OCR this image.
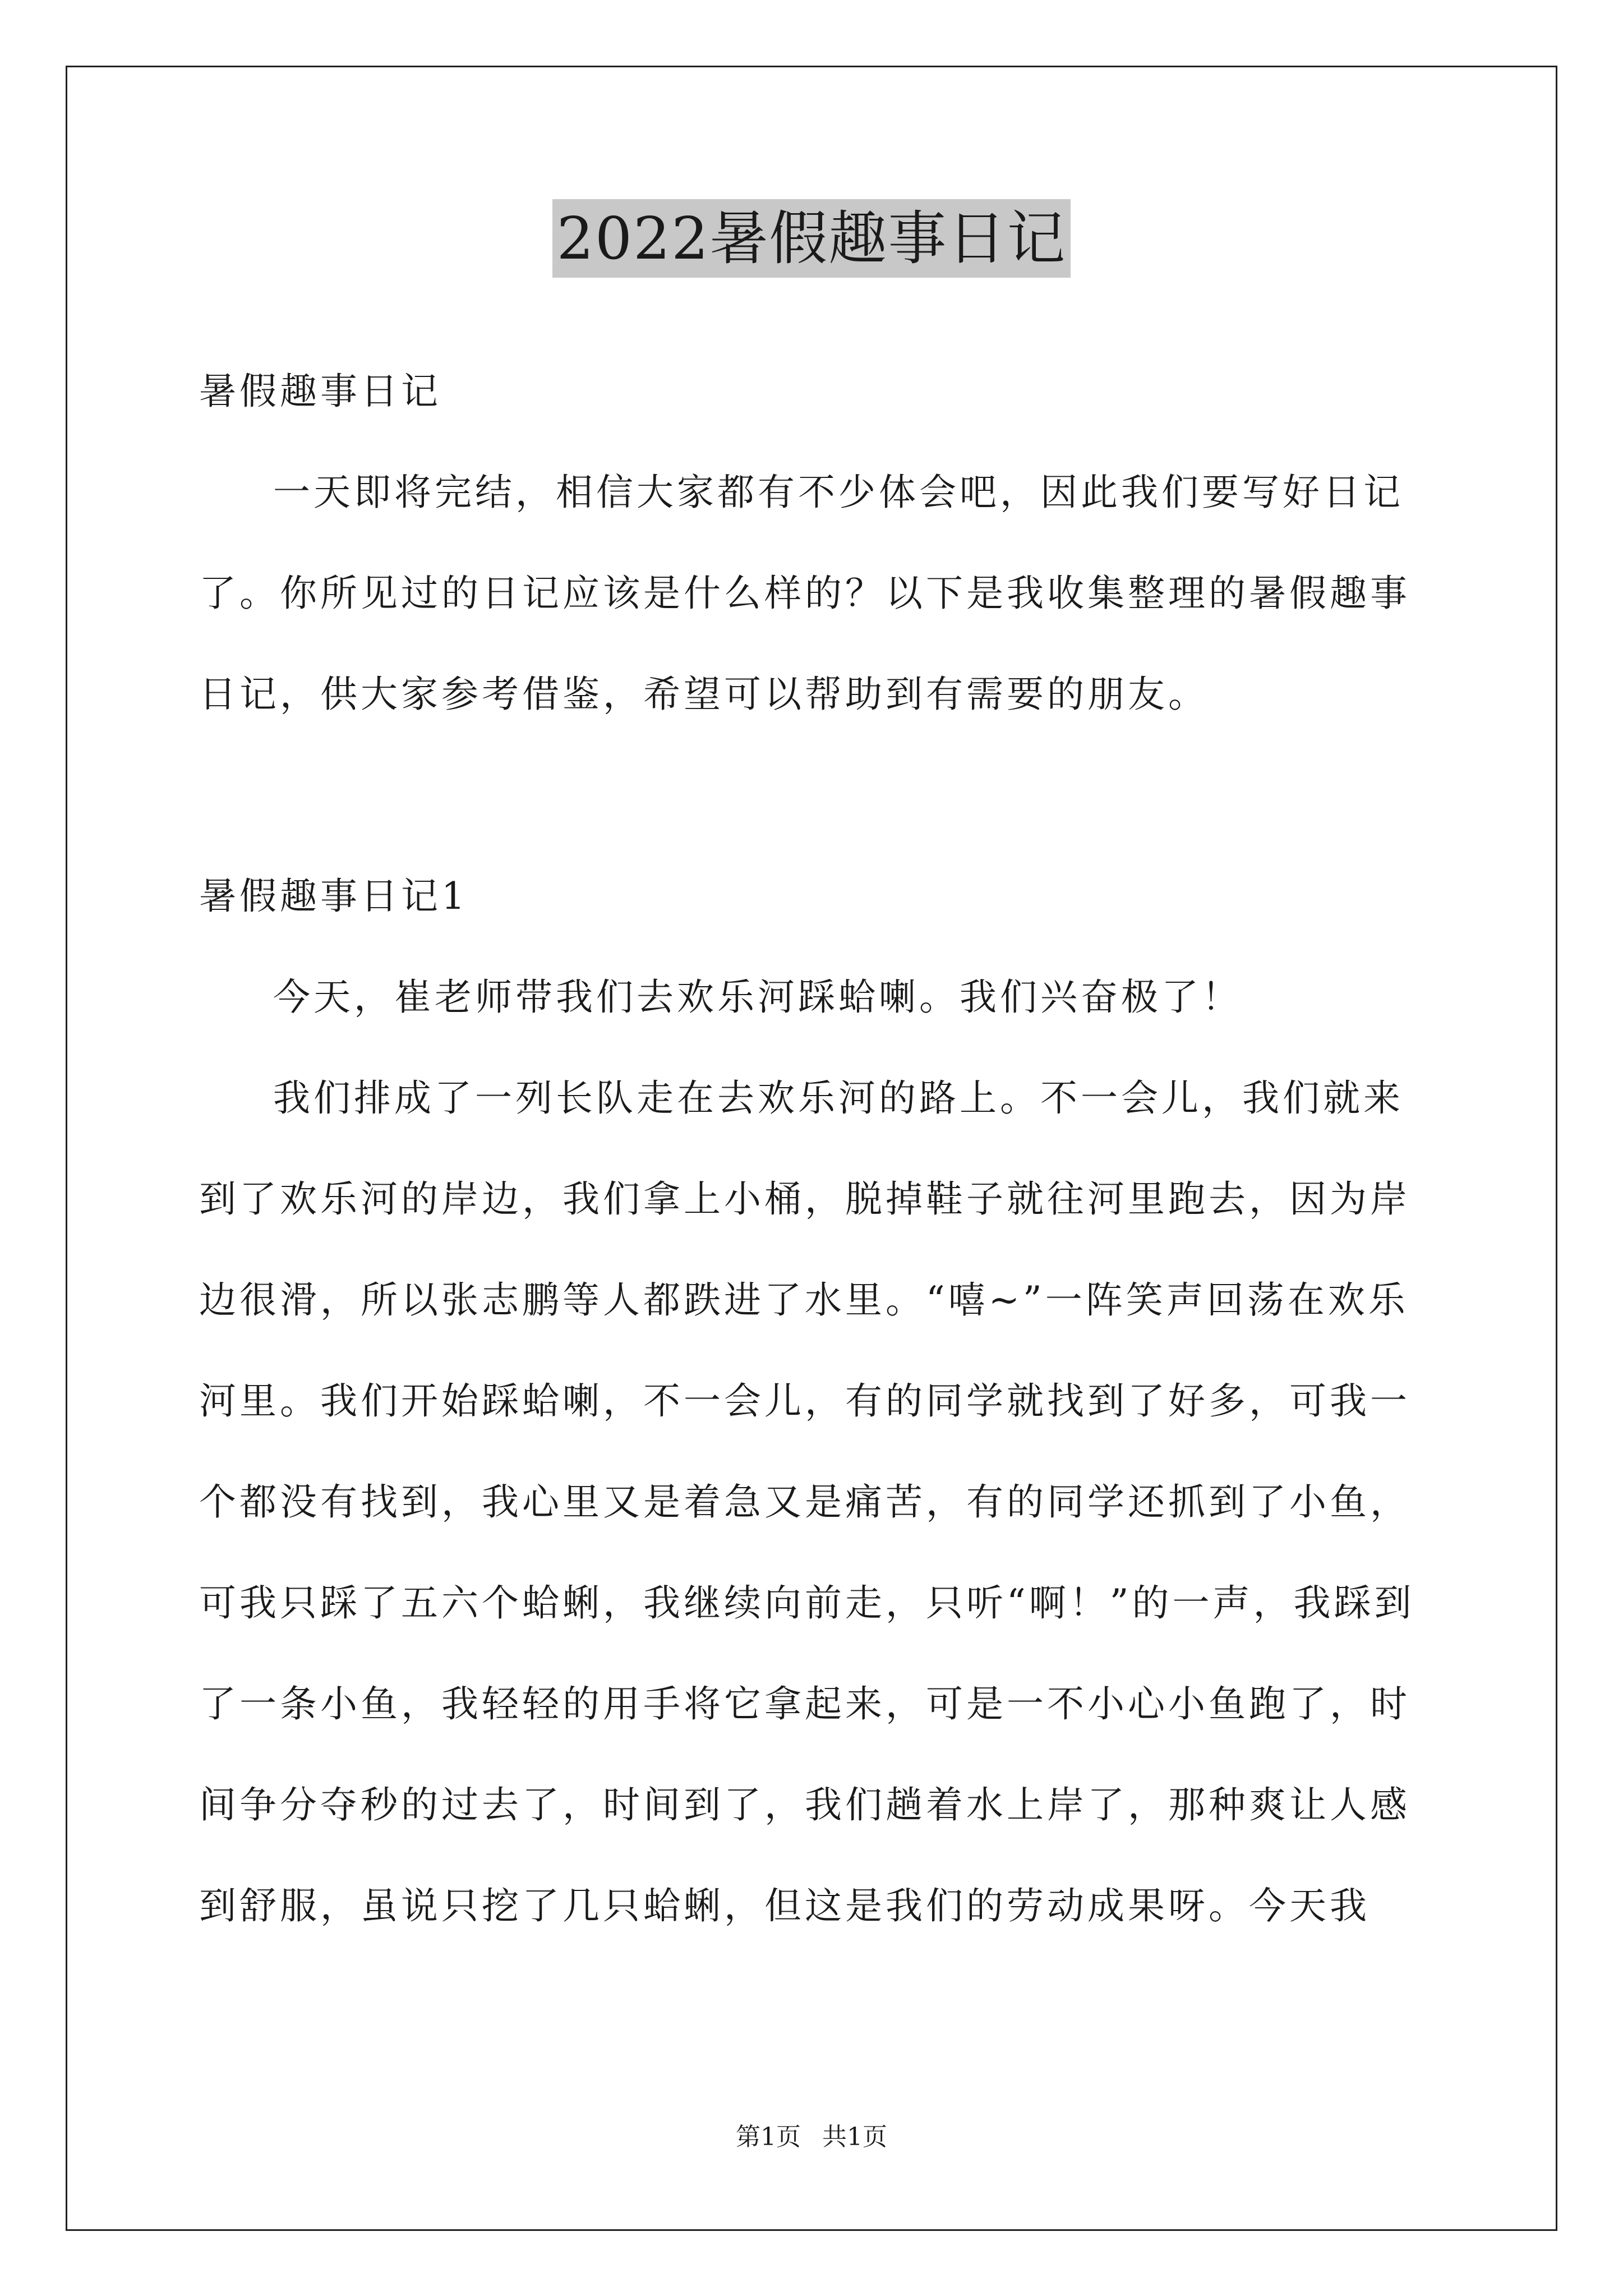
2022暑假趣事日记

暑假趣事日记

一天即将完结，相信大家都有不少体会吧，因此我们要写好日记了。你所见过的日记应该是什么样的？以下是我收集整理的暑假趣事日记，供大家参考借鉴，希望可以帮助到有需要的朋友。

暑假趣事日记1

今天，崔老师带我们去欢乐河踩蛤喇。我们兴奋极了！

我们排成了一列长队走在去欢乐河的路上。不一会儿，我们就来到了欢乐河的岸边，我们拿上小桶，脱掉鞋子就往河里跑去，因为岸边很滑，所以张志鹏等人都跌进了水里。“嘻~”一阵笑声回荡在欢乐河里。我们开始踩蛤喇，不一会儿，有的同学就找到了好多，可我一个都没有找到，我心里又是着急又是痛苦，有的同学还抓到了小鱼，可我只踩了五六个蛤蜊，我继续向前走，只听“啊！”的一声，我踩到了一条小鱼，我轻轻的用手将它拿起来，可是一不小心小鱼跑了，时间争分夺秒的过去了，时间到了，我们趟着水上岸了，那种爽让人感到舒服，虽说只挖了几只蛤蜊，但这是我们的劳动成果呀。今天我

第1页 共1页
